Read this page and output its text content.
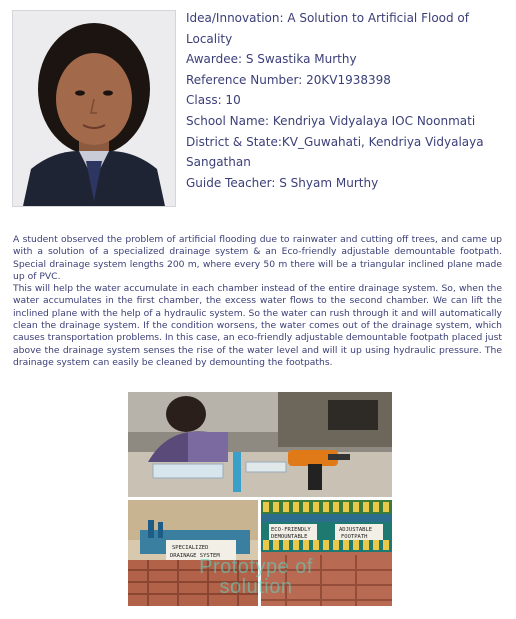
Idea/Innovation: A Solution to Artificial Flood of
Locality
Awardee: S Swastika Murthy
Reference Number: 20KV1938398
Class: 10
School Name: Kendriya Vidyalaya IOC Noonmati
District & State:KV_Guwahati, Kendriya Vidyalaya
Sangathan
Guide Teacher: S Shyam Murthy

A student observed the problem of artificial flooding due to rainwater and cutting off trees, and came up with a solution of a specialized drainage system & an Eco-friendly adjustable demountable footpath. Special drainage system lengths 200 m, where every 50 m there will be a triangular inclined plane made up of PVC.

This will help the water accumulate in each chamber instead of the entire drainage system. So, when the water accumulates in the first chamber, the excess water flows to the second chamber. We can lift the inclined plane with the help of a hydraulic system. So the water can rush through it and will automatically clean the drainage system. If the condition worsens, the water comes out of the drainage system, which causes transportation problems. In this case, an eco-friendly adjustable demountable footpath placed just above the drainage system senses the rise of the water level and will it up using hydraulic pressure. The drainage system can easily be cleaned by demounting the footpaths.

SPECIALIZED
DRAINAGE SYSTEM
ECO-FRIENDLY
DEMOUNTABLE
ADJUSTABLE
FOOTPATH
Prototype of
solution
